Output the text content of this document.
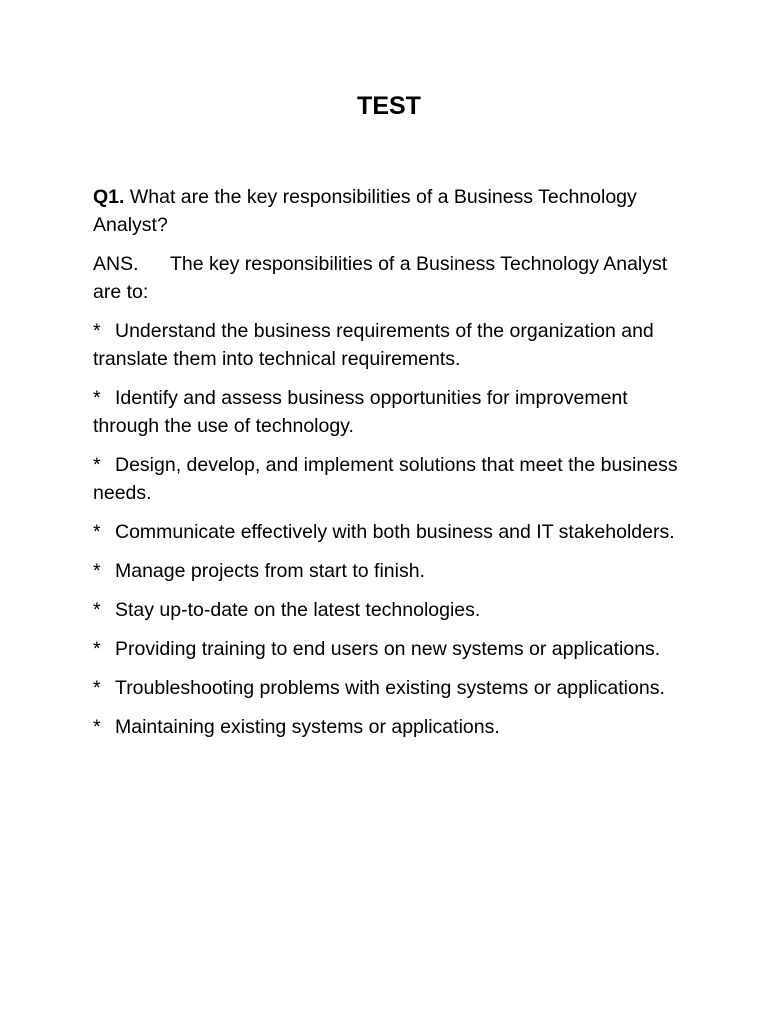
TEST

Q1. What are the key responsibilities of a Business Technology Analyst?

ANS. The key responsibilities of a Business Technology Analyst are to:

* Understand the business requirements of the organization and translate them into technical requirements.

* Identify and assess business opportunities for improvement through the use of technology.

* Design, develop, and implement solutions that meet the business needs.

* Communicate effectively with both business and IT stakeholders.

* Manage projects from start to finish.

* Stay up-to-date on the latest technologies.

* Providing training to end users on new systems or applications.

* Troubleshooting problems with existing systems or applications.

* Maintaining existing systems or applications.
